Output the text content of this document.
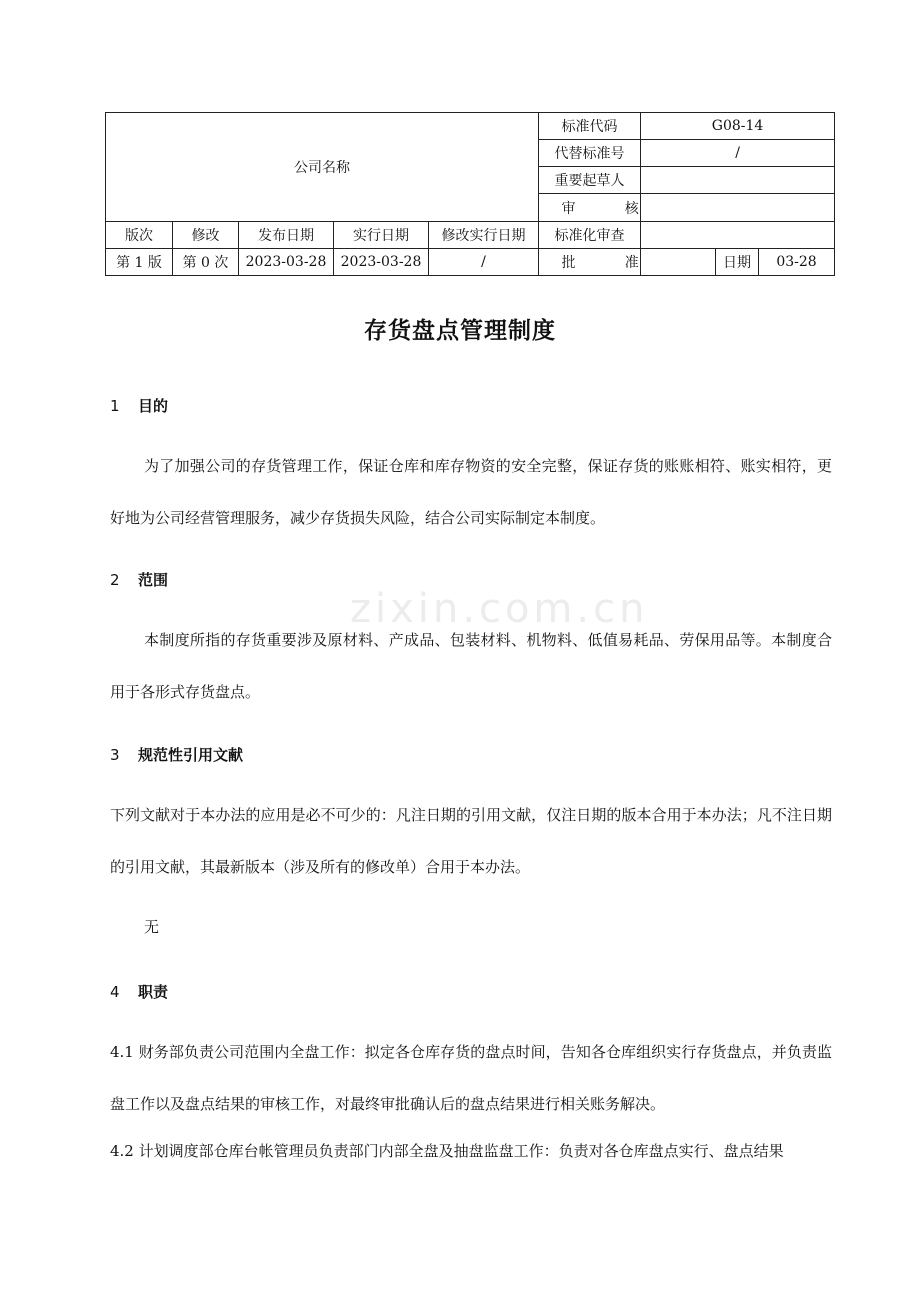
zixin.com.cn
公司名称					标准代码	G08-14		
					代替标准号	/		
					重要起草人			
					审 核			
版次	修改	发布日期	实行日期	修改实行日期	标准化审查			
第 1 版	第 0 次	2023-03-28	2023-03-28	/	批 准		日期	03-28
存货盘点管理制度
1 目的
为了加强公司的存货管理工作，保证仓库和库存物资的安全完整，保证存货的账账相符、账实相符，更好地为公司经营管理服务，减少存货损失风险，结合公司实际制定本制度。
2 范围
本制度所指的存货重要涉及原材料、产成品、包装材料、机物料、低值易耗品、劳保用品等。本制度合用于各形式存货盘点。
3 规范性引用文献
下列文献对于本办法的应用是必不可少的：凡注日期的引用文献，仅注日期的版本合用于本办法；凡不注日期的引用文献，其最新版本（涉及所有的修改单）合用于本办法。
无
4 职责
4.1 财务部负责公司范围内全盘工作：拟定各仓库存货的盘点时间，告知各仓库组织实行存货盘点，并负责监盘工作以及盘点结果的审核工作，对最终审批确认后的盘点结果进行相关账务解决。
4.2 计划调度部仓库台帐管理员负责部门内部全盘及抽盘监盘工作：负责对各仓库盘点实行、盘点结果
